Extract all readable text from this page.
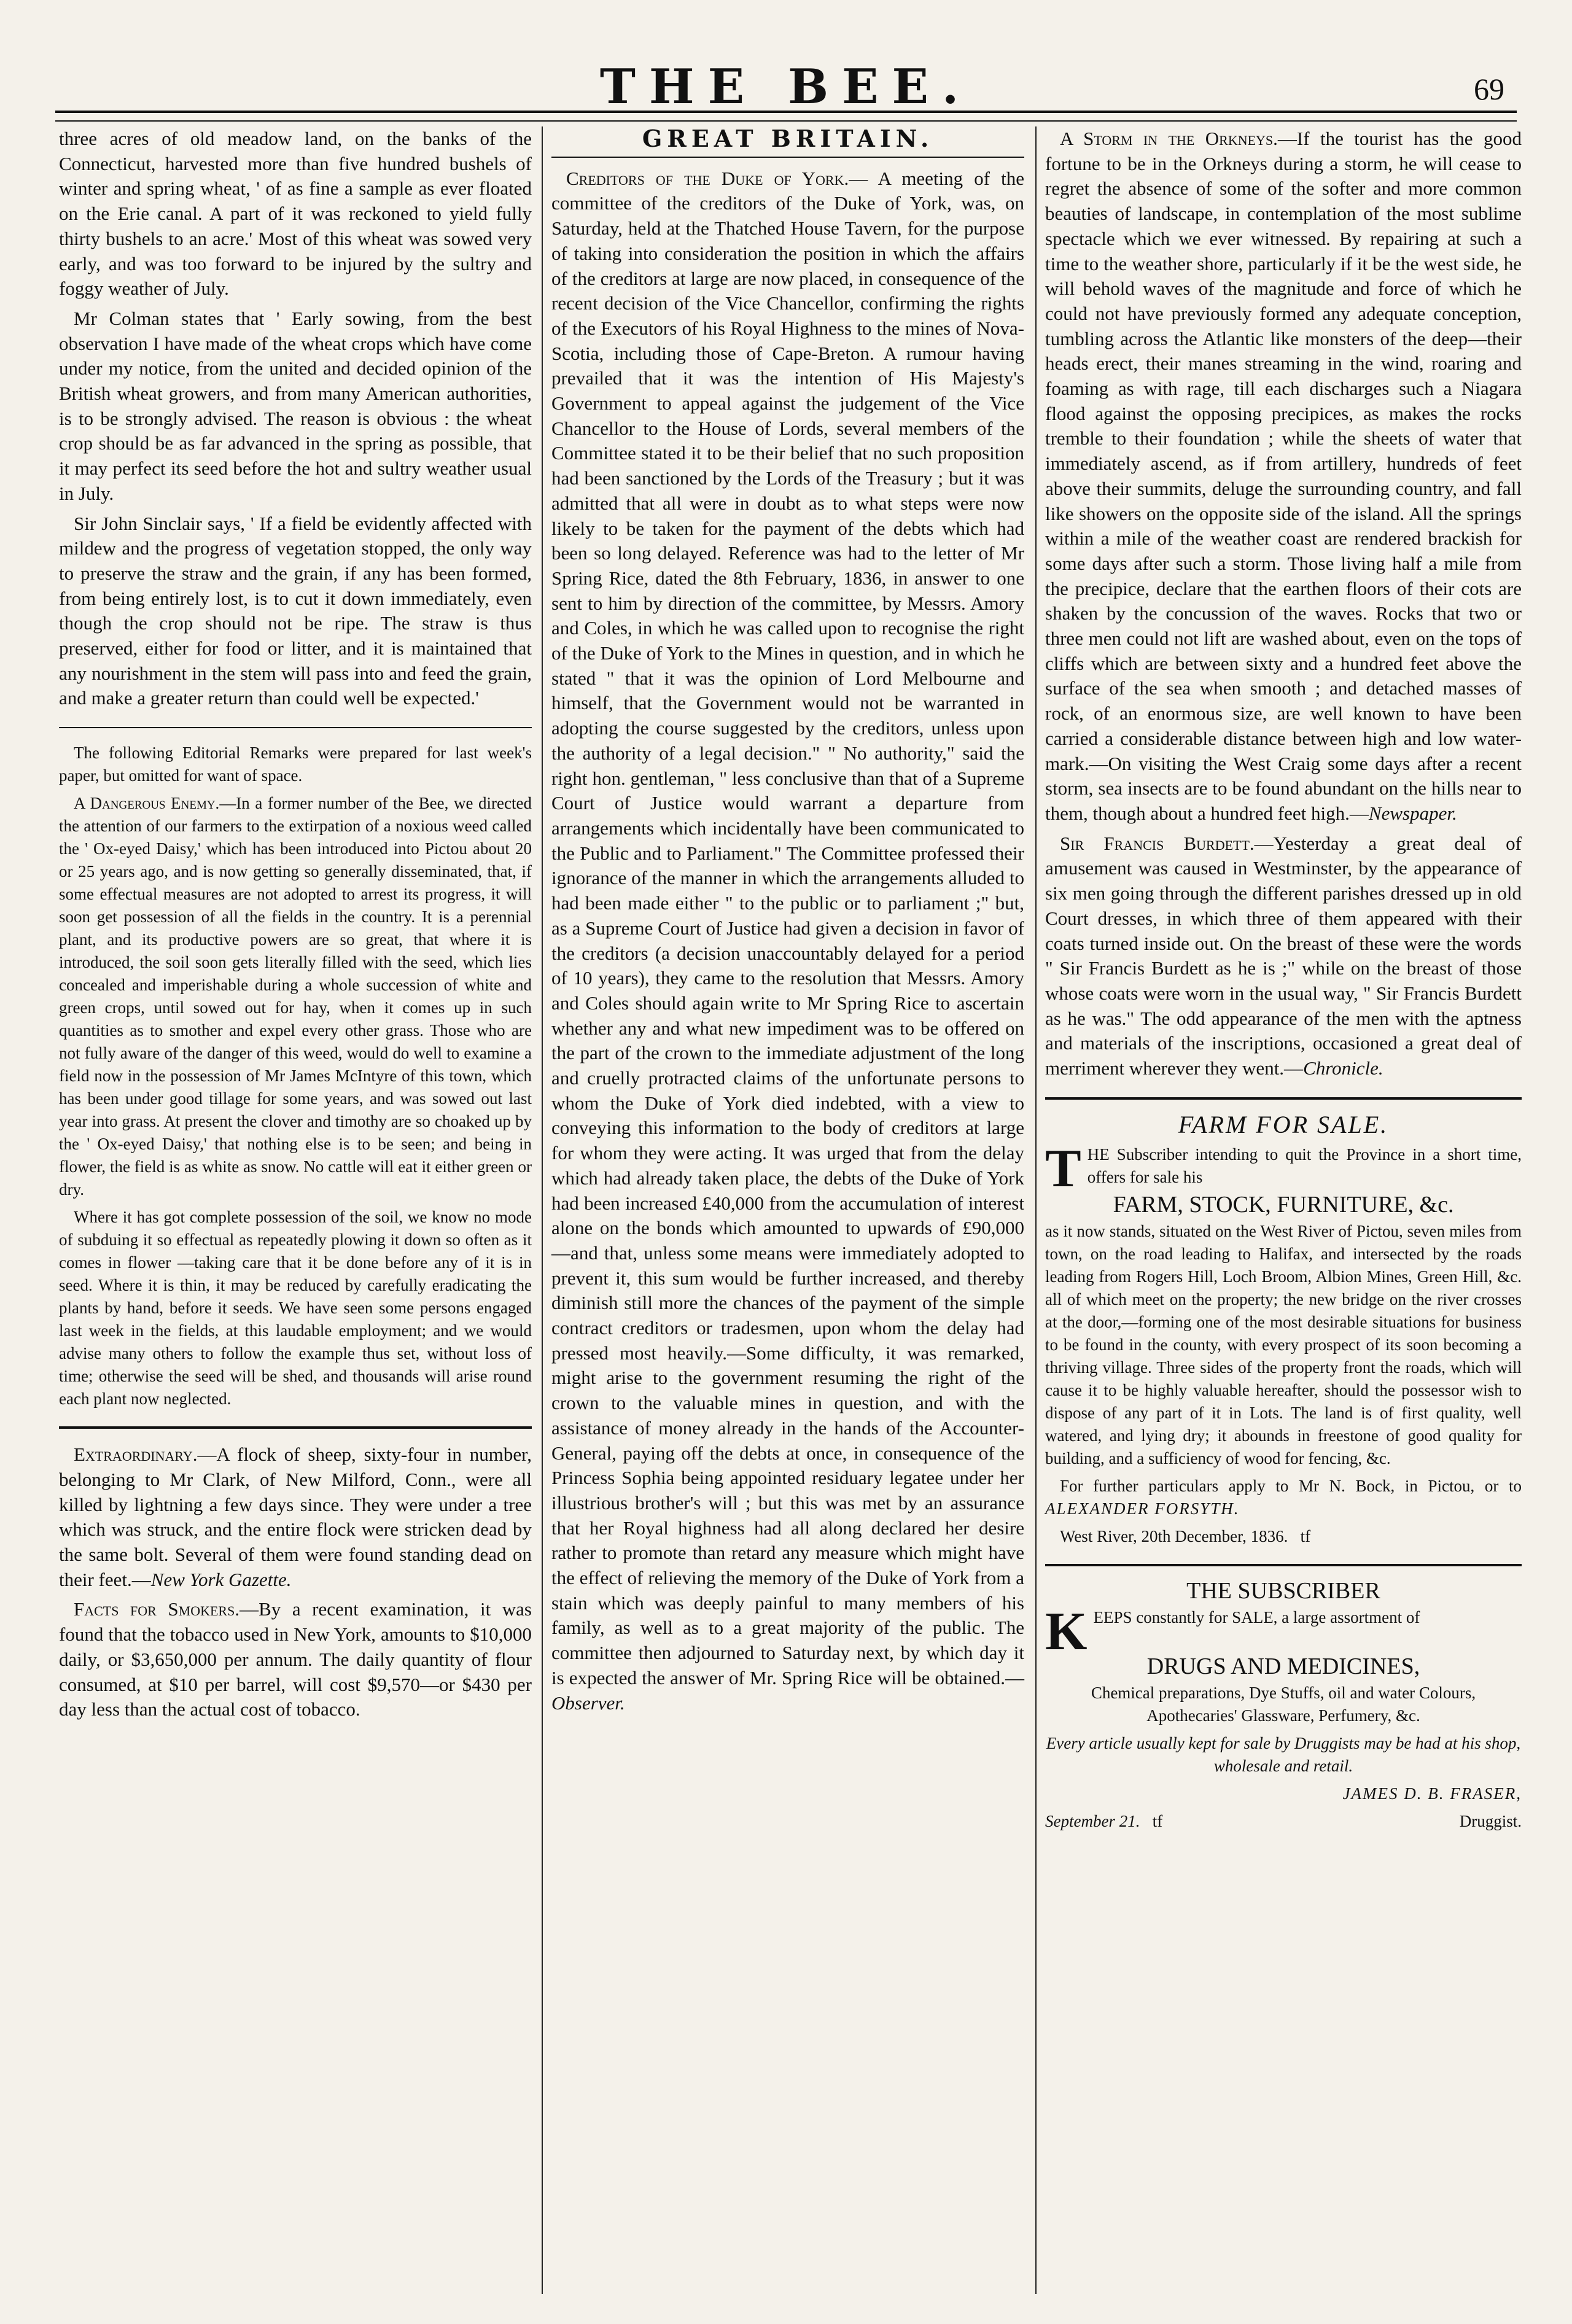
THE BEE.	69

three acres of old meadow land, on the banks of the Connecticut, harvested more than five hundred bushels of winter and spring wheat, ' of as fine a sample as ever floated on the Erie canal. A part of it was reckoned to yield fully thirty bushels to an acre.' Most of this wheat was sowed very early, and was too forward to be injured by the sultry and foggy weather of July.

Mr Colman states that ' Early sowing, from the best observation I have made of the wheat crops which have come under my notice, from the united and decided opinion of the British wheat growers, and from many American authorities, is to be strongly advised. The reason is obvious : the wheat crop should be as far advanced in the spring as possible, that it may perfect its seed before the hot and sultry weather usual in July.

Sir John Sinclair says, ' If a field be evidently affected with mildew and the progress of vegetation stopped, the only way to preserve the straw and the grain, if any has been formed, from being entirely lost, is to cut it down immediately, even though the crop should not be ripe. The straw is thus preserved, either for food or litter, and it is maintained that any nourishment in the stem will pass into and feed the grain, and make a greater return than could well be expected.'

The following Editorial Remarks were prepared for last week's paper, but omitted for want of space.

A Dangerous Enemy.—In a former number of the Bee, we directed the attention of our farmers to the extirpation of a noxious weed called the ' Ox-eyed Daisy,' which has been introduced into Pictou about 20 or 25 years ago, and is now getting so generally disseminated, that, if some effectual measures are not adopted to arrest its progress, it will soon get possession of all the fields in the country. It is a perennial plant, and its productive powers are so great, that where it is introduced, the soil soon gets literally filled with the seed, which lies concealed and imperishable during a whole succession of white and green crops, until sowed out for hay, when it comes up in such quantities as to smother and expel every other grass. Those who are not fully aware of the danger of this weed, would do well to examine a field now in the possession of Mr James McIntyre of this town, which has been under good tillage for some years, and was sowed out last year into grass. At present the clover and timothy are so choaked up by the ' Ox-eyed Daisy,' that nothing else is to be seen; and being in flower, the field is as white as snow. No cattle will eat it either green or dry.

Where it has got complete possession of the soil, we know no mode of subduing it so effectual as repeatedly plowing it down so often as it comes in flower —taking care that it be done before any of it is in seed. Where it is thin, it may be reduced by carefully eradicating the plants by hand, before it seeds. We have seen some persons engaged last week in the fields, at this laudable employment; and we would advise many others to follow the example thus set, without loss of time; otherwise the seed will be shed, and thousands will arise round each plant now neglected.

Extraordinary.—A flock of sheep, sixty-four in number, belonging to Mr Clark, of New Milford, Conn., were all killed by lightning a few days since. They were under a tree which was struck, and the entire flock were stricken dead by the same bolt. Several of them were found standing dead on their feet.—New York Gazette.

Facts for Smokers.—By a recent examination, it was found that the tobacco used in New York, amounts to $10,000 daily, or $3,650,000 per annum. The daily quantity of flour consumed, at $10 per barrel, will cost $9,570—or $430 per day less than the actual cost of tobacco.

GREAT BRITAIN.

Creditors of the Duke of York.— A meeting of the committee of the creditors of the Duke of York, was, on Saturday, held at the Thatched House Tavern, for the purpose of taking into consideration the position in which the affairs of the creditors at large are now placed, in consequence of the recent decision of the Vice Chancellor, confirming the rights of the Executors of his Royal Highness to the mines of Nova-Scotia, including those of Cape-Breton. A rumour having prevailed that it was the intention of His Majesty's Government to appeal against the judgement of the Vice Chancellor to the House of Lords, several members of the Committee stated it to be their belief that no such proposition had been sanctioned by the Lords of the Treasury ; but it was admitted that all were in doubt as to what steps were now likely to be taken for the payment of the debts which had been so long delayed. Reference was had to the letter of Mr Spring Rice, dated the 8th February, 1836, in answer to one sent to him by direction of the committee, by Messrs. Amory and Coles, in which he was called upon to recognise the right of the Duke of York to the Mines in question, and in which he stated " that it was the opinion of Lord Melbourne and himself, that the Government would not be warranted in adopting the course suggested by the creditors, unless upon the authority of a legal decision." " No authority," said the right hon. gentleman, " less conclusive than that of a Supreme Court of Justice would warrant a departure from arrangements which incidentally have been communicated to the Public and to Parliament." The Committee professed their ignorance of the manner in which the arrangements alluded to had been made either " to the public or to parliament ;" but, as a Supreme Court of Justice had given a decision in favor of the creditors (a decision unaccountably delayed for a period of 10 years), they came to the resolution that Messrs. Amory and Coles should again write to Mr Spring Rice to ascertain whether any and what new impediment was to be offered on the part of the crown to the immediate adjustment of the long and cruelly protracted claims of the unfortunate persons to whom the Duke of York died indebted, with a view to conveying this information to the body of creditors at large for whom they were acting. It was urged that from the delay which had already taken place, the debts of the Duke of York had been increased £40,000 from the accumulation of interest alone on the bonds which amounted to upwards of £90,000 —and that, unless some means were immediately adopted to prevent it, this sum would be further increased, and thereby diminish still more the chances of the payment of the simple contract creditors or tradesmen, upon whom the delay had pressed most heavily.—Some difficulty, it was remarked, might arise to the government resuming the right of the crown to the valuable mines in question, and with the assistance of money already in the hands of the Accounter-General, paying off the debts at once, in consequence of the Princess Sophia being appointed residuary legatee under her illustrious brother's will ; but this was met by an assurance that her Royal highness had all along declared her desire rather to promote than retard any measure which might have the effect of relieving the memory of the Duke of York from a stain which was deeply painful to many members of his family, as well as to a great majority of the public. The committee then adjourned to Saturday next, by which day it is expected the answer of Mr. Spring Rice will be obtained.—Observer.

A Storm in the Orkneys.—If the tourist has the good fortune to be in the Orkneys during a storm, he will cease to regret the absence of some of the softer and more common beauties of landscape, in contemplation of the most sublime spectacle which we ever witnessed. By repairing at such a time to the weather shore, particularly if it be the west side, he will behold waves of the magnitude and force of which he could not have previously formed any adequate conception, tumbling across the Atlantic like monsters of the deep—their heads erect, their manes streaming in the wind, roaring and foaming as with rage, till each discharges such a Niagara flood against the opposing precipices, as makes the rocks tremble to their foundation ; while the sheets of water that immediately ascend, as if from artillery, hundreds of feet above their summits, deluge the surrounding country, and fall like showers on the opposite side of the island. All the springs within a mile of the weather coast are rendered brackish for some days after such a storm. Those living half a mile from the precipice, declare that the earthen floors of their cots are shaken by the concussion of the waves. Rocks that two or three men could not lift are washed about, even on the tops of cliffs which are between sixty and a hundred feet above the surface of the sea when smooth ; and detached masses of rock, of an enormous size, are well known to have been carried a considerable distance between high and low water-mark.—On visiting the West Craig some days after a recent storm, sea insects are to be found abundant on the hills near to them, though about a hundred feet high.—Newspaper.

Sir Francis Burdett.—Yesterday a great deal of amusement was caused in Westminster, by the appearance of six men going through the different parishes dressed up in old Court dresses, in which three of them appeared with their coats turned inside out. On the breast of these were the words " Sir Francis Burdett as he is ;" while on the breast of those whose coats were worn in the usual way, " Sir Francis Burdett as he was." The odd appearance of the men with the aptness and materials of the inscriptions, occasioned a great deal of merriment wherever they went.—Chronicle.

FARM FOR SALE.

THE Subscriber intending to quit the Province in a short time, offers for sale his

FARM, STOCK, FURNITURE, &c.

as it now stands, situated on the West River of Pictou, seven miles from town, on the road leading to Halifax, and intersected by the roads leading from Rogers Hill, Loch Broom, Albion Mines, Green Hill, &c. all of which meet on the property; the new bridge on the river crosses at the door,—forming one of the most desirable situations for business to be found in the county, with every prospect of its soon becoming a thriving village. Three sides of the property front the roads, which will cause it to be highly valuable hereafter, should the possessor wish to dispose of any part of it in Lots. The land is of first quality, well watered, and lying dry; it abounds in freestone of good quality for building, and a sufficiency of wood for fencing, &c.

For further particulars apply to Mr N. Bock, in Pictou, or to ALEXANDER FORSYTH.

West River, 20th December, 1836. tf

THE SUBSCRIBER

KEEPS constantly for SALE, a large assortment of

DRUGS AND MEDICINES,

Chemical preparations, Dye Stuffs, oil and water Colours, Apothecaries' Glassware, Perfumery, &c.

Every article usually kept for sale by Druggists may be had at his shop, wholesale and retail.

JAMES D. B. FRASER,

September 21. tf	Druggist.
